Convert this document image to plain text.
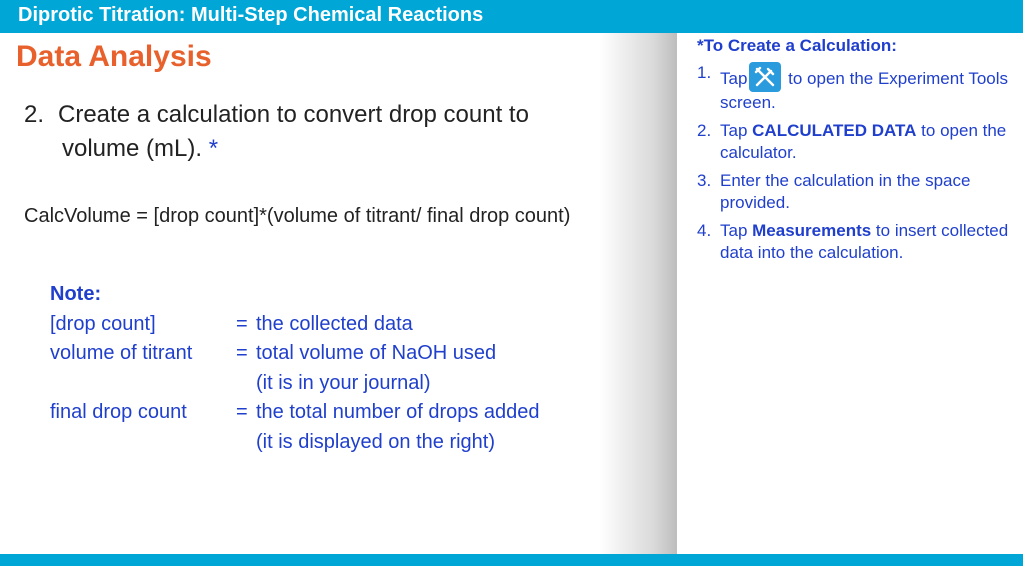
Diprotic Titration: Multi-Step Chemical Reactions
Data Analysis
2. Create a calculation to convert drop count to
volume (mL). *
CalcVolume = [drop count]*(volume of titrant/ final drop count)
Note:
[drop count]	= the collected data
volume of titrant = total volume of NaOH used
(it is in your journal)
final drop count = the total number of drops added
(it is displayed on the right)
*To Create a Calculation:
1. Tap to open the Experiment Tools screen.
2. Tap CALCULATED DATA to open the calculator.
3. Enter the calculation in the space provided.
4. Tap Measurements to insert collected data into the calculation.
